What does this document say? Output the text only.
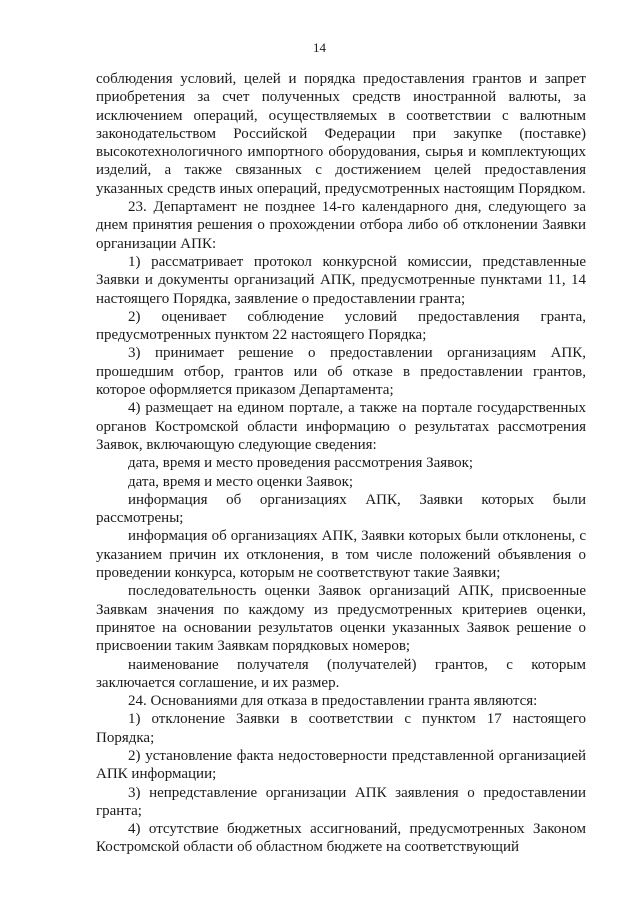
14

соблюдения условий, целей и порядка предоставления грантов и запрет приобретения за счет полученных средств иностранной валюты, за исключением операций, осуществляемых в соответствии с валютным законодательством Российской Федерации при закупке (поставке) высокотехнологичного импортного оборудования, сырья и комплектующих изделий, а также связанных с достижением целей предоставления указанных средств иных операций, предусмотренных настоящим Порядком.

23. Департамент не позднее 14-го календарного дня, следующего за днем принятия решения о прохождении отбора либо об отклонении Заявки организации АПК:

1) рассматривает протокол конкурсной комиссии, представленные Заявки и документы организаций АПК, предусмотренные пунктами 11, 14 настоящего Порядка, заявление о предоставлении гранта;

2) оценивает соблюдение условий предоставления гранта, предусмотренных пунктом 22 настоящего Порядка;

3) принимает решение о предоставлении организациям АПК, прошедшим отбор, грантов или об отказе в предоставлении грантов, которое оформляется приказом Департамента;

4) размещает на едином портале, а также на портале государственных органов Костромской области информацию о результатах рассмотрения Заявок, включающую следующие сведения:

дата, время и место проведения рассмотрения Заявок;

дата, время и место оценки Заявок;

информация об организациях АПК, Заявки которых были рассмотрены;

информация об организациях АПК, Заявки которых были отклонены, с указанием причин их отклонения, в том числе положений объявления о проведении конкурса, которым не соответствуют такие Заявки;

последовательность оценки Заявок организаций АПК, присвоенные Заявкам значения по каждому из предусмотренных критериев оценки, принятое на основании результатов оценки указанных Заявок решение о присвоении таким Заявкам порядковых номеров;

наименование получателя (получателей) грантов, с которым заключается соглашение, и их размер.

24. Основаниями для отказа в предоставлении гранта являются:

1) отклонение Заявки в соответствии с пунктом 17 настоящего Порядка;

2) установление факта недостоверности представленной организацией АПК информации;

3) непредставление организации АПК заявления о предоставлении гранта;

4) отсутствие бюджетных ассигнований, предусмотренных Законом Костромской области об областном бюджете на соответствующий
